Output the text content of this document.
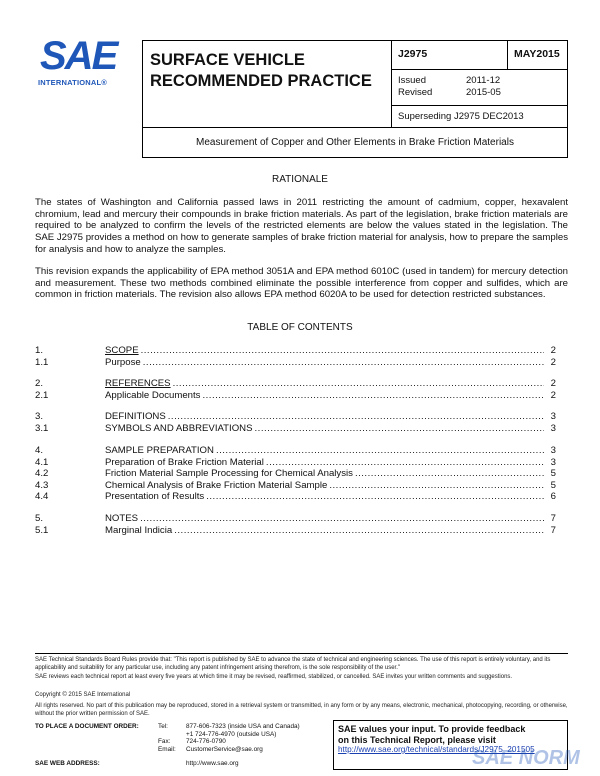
SAE
INTERNATIONAL®
SURFACE VEHICLE
RECOMMENDED PRACTICE
J2975	MAY2015
Issued	2011-12
Revised	2015-05
Superseding J2975 DEC2013
Measurement of Copper and Other Elements in Brake Friction Materials
RATIONALE

The states of Washington and California passed laws in 2011 restricting the amount of cadmium, copper, hexavalent chromium, lead and mercury their compounds in brake friction materials. As part of the legislation, brake friction materials are required to be analyzed to confirm the levels of the restricted elements are below the values stated in the legislation. The SAE J2975 provides a method on how to generate samples of brake friction material for analysis, how to prepare the samples for analysis and how to analyze the samples.

This revision expands the applicability of EPA method 3051A and EPA method 6010C (used in tandem) for mercury detection and measurement. These two methods combined eliminate the possible interference from copper and sulfides, which are common in friction materials. The revision also allows EPA method 6020A to be used for detection restricted substances.

TABLE OF CONTENTS
1.	SCOPE .....	2
1.1	Purpose .....	2
2.	REFERENCES .....	2
2.1	Applicable Documents .....	2
3.	DEFINITIONS .....	3
3.1	SYMBOLS AND ABBREVIATIONS .....	3
4.	SAMPLE PREPARATION .....	3
4.1	Preparation of Brake Friction Material .....	3
4.2	Friction Material Sample Processing for Chemical Analysis .....	5
4.3	Chemical Analysis of Brake Friction Material Sample .....	5
4.4	Presentation of Results .....	6
5.	NOTES .....	7
5.1	Marginal Indicia .....	7
SAE Technical Standards Board Rules provide that: "This report is published by SAE to advance the state of technical and engineering sciences. The use of this report is entirely voluntary, and its applicability and suitability for any particular use, including any patent infringement arising therefrom, is the sole responsibility of the user."
SAE reviews each technical report at least every five years at which time it may be revised, reaffirmed, stabilized, or cancelled. SAE invites your written comments and suggestions.
Copyright © 2015 SAE International
All rights reserved. No part of this publication may be reproduced, stored in a retrieval system or transmitted, in any form or by any means, electronic, mechanical, photocopying, recording, or otherwise, without the prior written permission of SAE.
TO PLACE A DOCUMENT ORDER:	Tel:	877-606-7323 (inside USA and Canada)
+1 724-776-4970 (outside USA)
Fax:	724-776-0790
Email:	CustomerService@sae.org
SAE WEB ADDRESS:	http://www.sae.org
SAE values your input. To provide feedback
on this Technical Report, please visit
http://www.sae.org/technical/standards/J2975_201505
SAE NORM
